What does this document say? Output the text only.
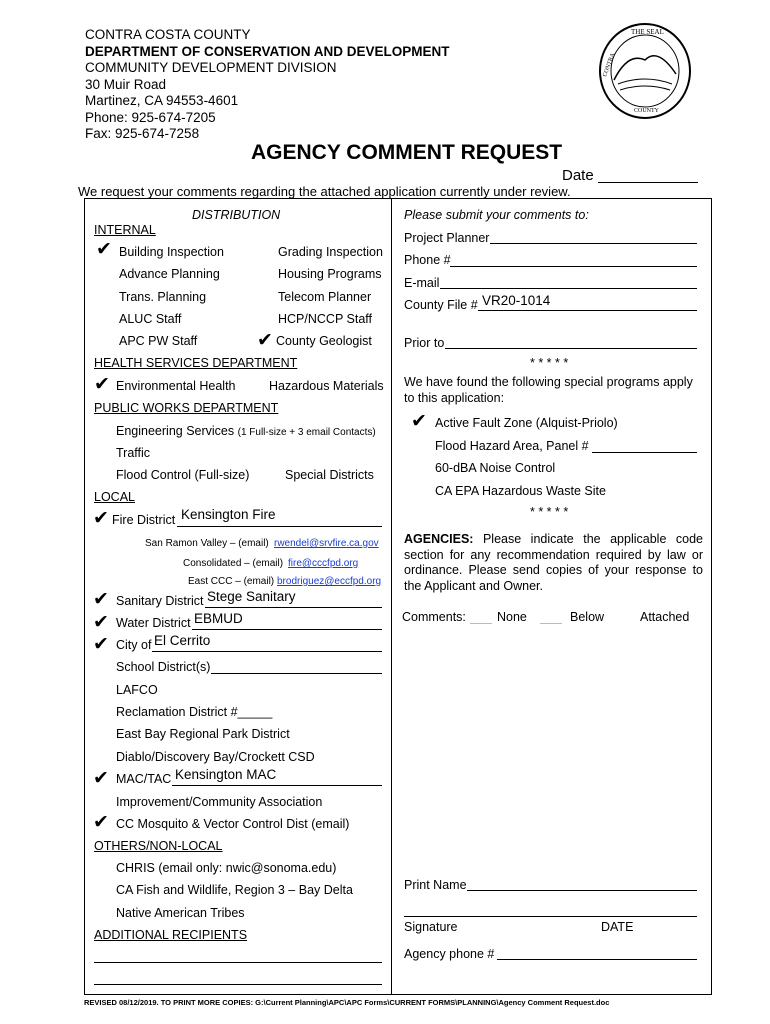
CONTRA COSTA COUNTY
DEPARTMENT OF CONSERVATION AND DEVELOPMENT
COMMUNITY DEVELOPMENT DIVISION
30 Muir Road
Martinez, CA 94553-4601
Phone: 925-674-7205
Fax: 925-674-7258
THE SEAL
CONTRA
COUNTY
AGENCY COMMENT REQUEST
Date
We request your comments regarding the attached application currently under review.
DISTRIBUTION
INTERNAL
✔ Building Inspection	Grading Inspection
Advance Planning	Housing Programs
Trans. Planning	Telecom Planner
ALUC Staff	HCP/NCCP Staff
APC PW Staff	✔ County Geologist
HEALTH SERVICES DEPARTMENT
✔ Environmental Health	Hazardous Materials
PUBLIC WORKS DEPARTMENT
Engineering Services (1 Full-size + 3 email Contacts)
Traffic
Flood Control (Full-size)	Special Districts
LOCAL
✔ Fire District Kensington Fire
San Ramon Valley – (email) rwendel@srvfire.ca.gov
Consolidated – (email) fire@cccfpd.org
East CCC – (email) brodriguez@eccfpd.org
✔ Sanitary District Stege Sanitary
✔ Water District EBMUD
✔ City of El Cerrito
School District(s)
LAFCO
Reclamation District #_____
East Bay Regional Park District
Diablo/Discovery Bay/Crockett CSD
✔ MAC/TAC Kensington MAC
Improvement/Community Association
✔ CC Mosquito & Vector Control Dist (email)
OTHERS/NON-LOCAL
CHRIS (email only: nwic@sonoma.edu)
CA Fish and Wildlife, Region 3 – Bay Delta
Native American Tribes
ADDITIONAL RECIPIENTS
Please submit your comments to:
Project Planner
Phone #
E-mail
County File # VR20-1014
Prior to
* * * * *
We have found the following special programs apply to this application:
✔ Active Fault Zone (Alquist-Priolo)
Flood Hazard Area, Panel #
60-dBA Noise Control
CA EPA Hazardous Waste Site
* * * * *
AGENCIES: Please indicate the applicable code section for any recommendation required by law or ordinance. Please send copies of your response to the Applicant and Owner.
Comments: None	Below	Attached
Print Name
Signature	DATE
Agency phone #
REVISED 08/12/2019. TO PRINT MORE COPIES: G:\Current Planning\APC\APC Forms\CURRENT FORMS\PLANNING\Agency Comment Request.doc
